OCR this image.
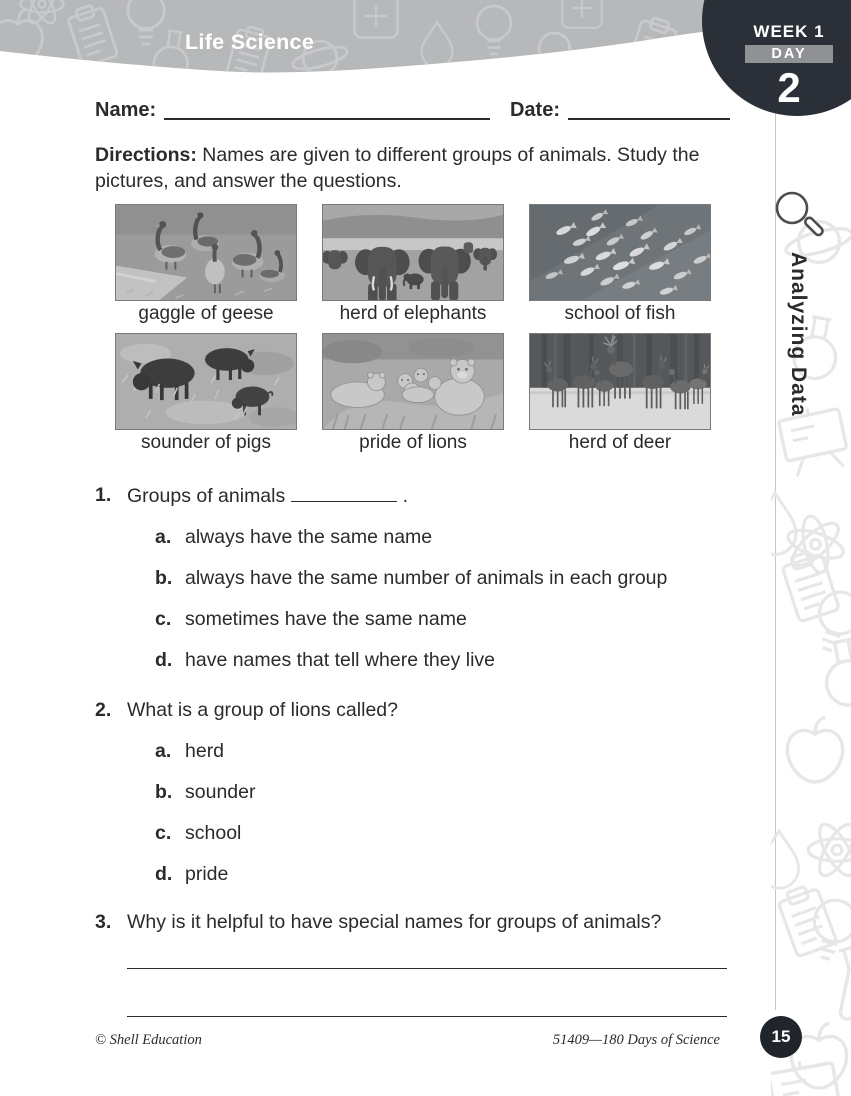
Life Science	WEEK 1
DAY
2
Analyzing Data
Name:	Date:
Directions: Names are given to different groups of animals. Study the pictures, and answer the questions.
gaggle of geese	herd of elephants	school of fish
sounder of pigs	pride of lions	herd of deer
1. Groups of animals	.
a. always have the same name
b. always have the same number of animals in each group
c. sometimes have the same name
d. have names that tell where they live
2. What is a group of lions called?
a. herd
b. sounder
c. school
d. pride
3. Why is it helpful to have special names for groups of animals?
© Shell Education	51409—180 Days of Science	15
